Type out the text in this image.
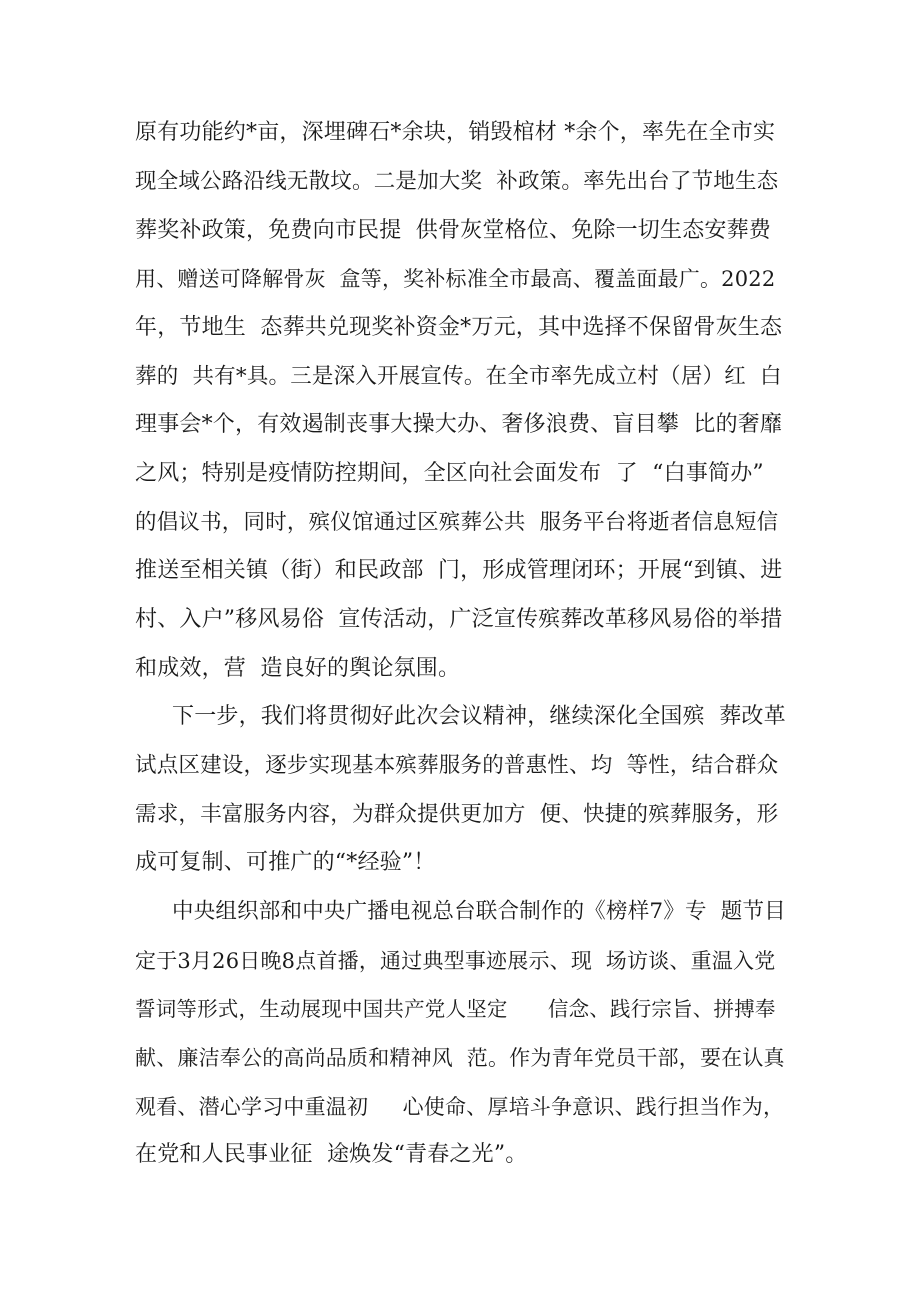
原有功能约*亩，深埋碑石*余块，销毁棺材 *余个，率先在全市实
现全域公路沿线无散坟。二是加大奖  补政策。率先出台了节地生态
葬奖补政策，免费向市民提  供骨灰堂格位、免除一切生态安葬费
用、赠送可降解骨灰  盒等，奖补标准全市最高、覆盖面最广。2022
年，节地生  态葬共兑现奖补资金*万元，其中选择不保留骨灰生态
葬的  共有*具。三是深入开展宣传。在全市率先成立村（居）红  白
理事会*个，有效遏制丧事大操大办、奢侈浪费、盲目攀  比的奢靡
之风；特别是疫情防控期间，全区向社会面发布  了  “白事简办”
的倡议书，同时，殡仪馆通过区殡葬公共  服务平台将逝者信息短信
推送至相关镇（街）和民政部  门，形成管理闭环；开展“到镇、进
村、入户”移风易俗  宣传活动，广泛宣传殡葬改革移风易俗的举措
和成效，营  造良好的舆论氛围。
下一步，我们将贯彻好此次会议精神，继续深化全国殡  葬改革
试点区建设，逐步实现基本殡葬服务的普惠性、均  等性，结合群众
需求，丰富服务内容，为群众提供更加方  便、快捷的殡葬服务，形
成可复制、可推广的“*经验”！
中央组织部和中央广播电视总台联合制作的《榜样7》专  题节目
定于3月26日晚8点首播，通过典型事迹展示、现  场访谈、重温入党
誓词等形式，生动展现中国共产党人坚定      信念、践行宗旨、拼搏奉
献、廉洁奉公的高尚品质和精神风  范。作为青年党员干部，要在认真
观看、潜心学习中重温初     心使命、厚培斗争意识、践行担当作为，
在党和人民事业征  途焕发“青春之光”。
